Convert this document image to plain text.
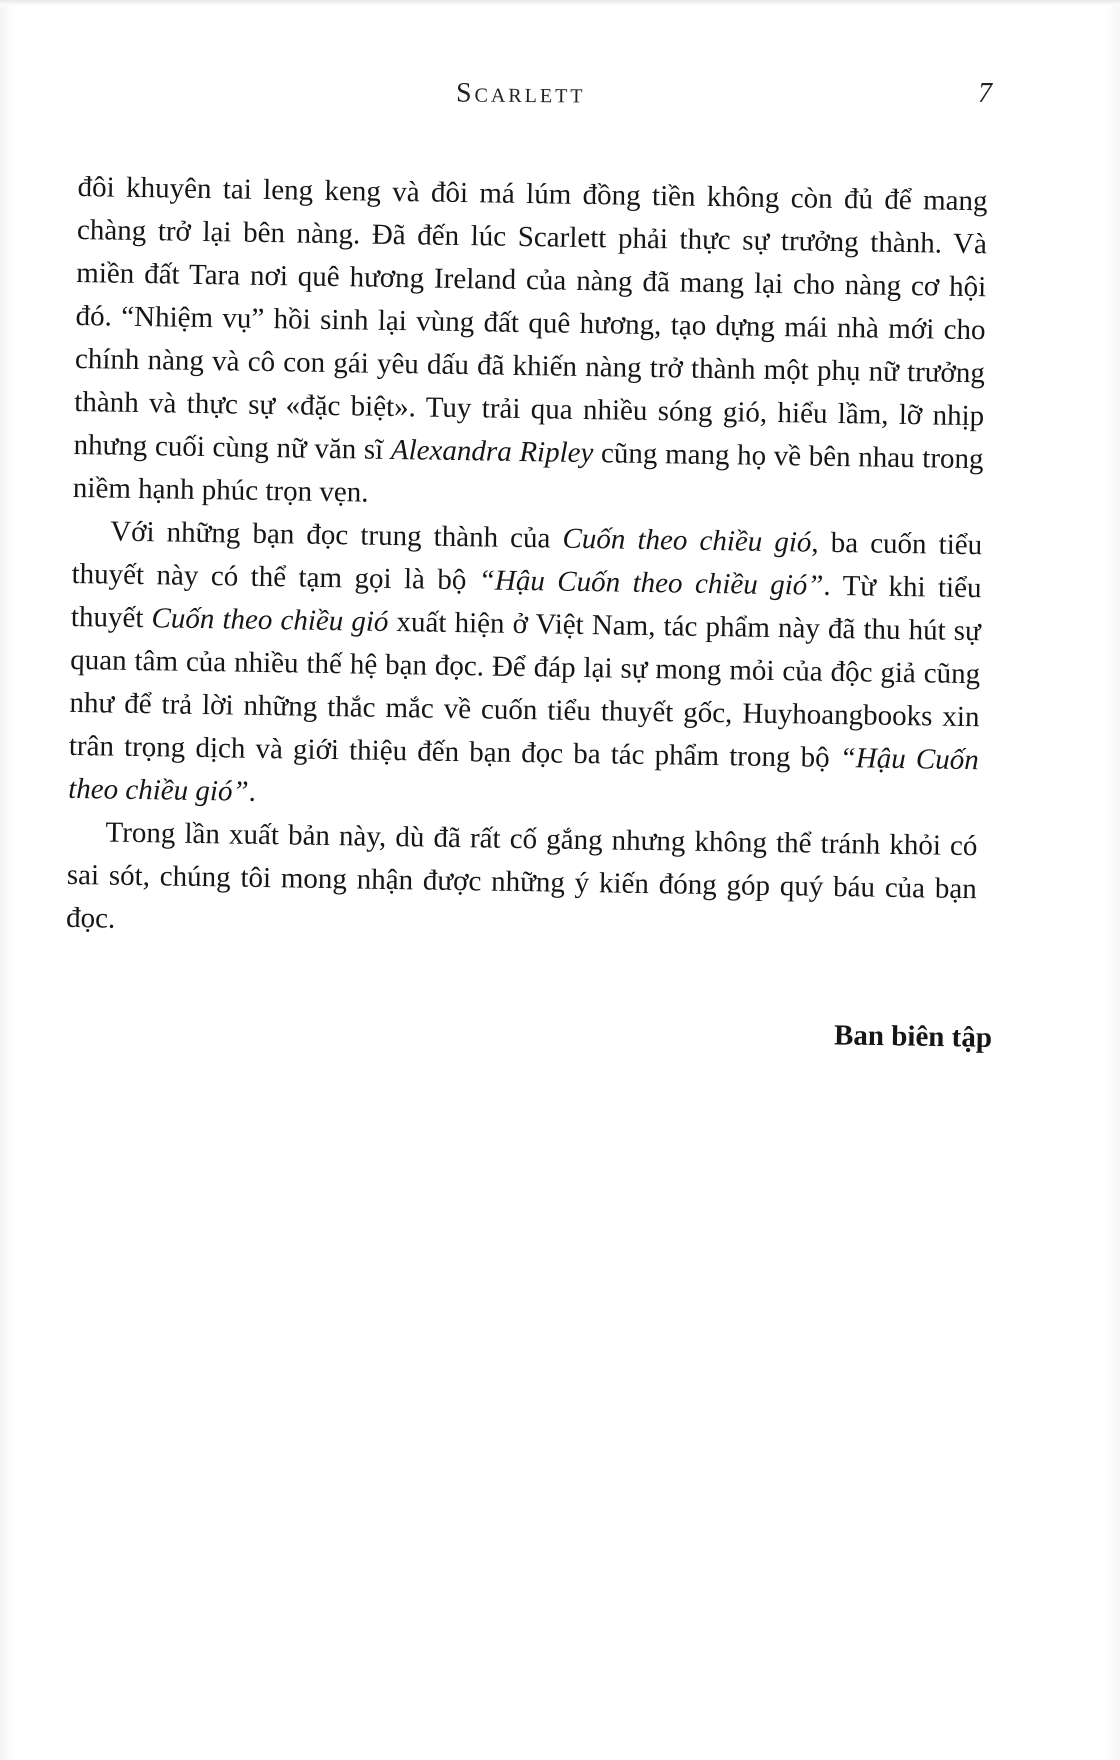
Scarlett	7

đôi khuyên tai leng keng và đôi má lúm đồng tiền không còn đủ để mang chàng trở lại bên nàng. Đã đến lúc Scarlett phải thực sự trưởng thành. Và miền đất Tara nơi quê hương Ireland của nàng đã mang lại cho nàng cơ hội đó. “Nhiệm vụ” hồi sinh lại vùng đất quê hương, tạo dựng mái nhà mới cho chính nàng và cô con gái yêu dấu đã khiến nàng trở thành một phụ nữ trưởng thành và thực sự «đặc biệt». Tuy trải qua nhiều sóng gió, hiểu lầm, lỡ nhịp nhưng cuối cùng nữ văn sĩ Alexandra Ripley cũng mang họ về bên nhau trong niềm hạnh phúc trọn vẹn.

Với những bạn đọc trung thành của Cuốn theo chiều gió, ba cuốn tiểu thuyết này có thể tạm gọi là bộ “Hậu Cuốn theo chiều gió”. Từ khi tiểu thuyết Cuốn theo chiều gió xuất hiện ở Việt Nam, tác phẩm này đã thu hút sự quan tâm của nhiều thế hệ bạn đọc. Để đáp lại sự mong mỏi của độc giả cũng như để trả lời những thắc mắc về cuốn tiểu thuyết gốc, Huyhoangbooks xin trân trọng dịch và giới thiệu đến bạn đọc ba tác phẩm trong bộ “Hậu Cuốn theo chiều gió”.

Trong lần xuất bản này, dù đã rất cố gắng nhưng không thể tránh khỏi có sai sót, chúng tôi mong nhận được những ý kiến đóng góp quý báu của bạn đọc.

Ban biên tập
